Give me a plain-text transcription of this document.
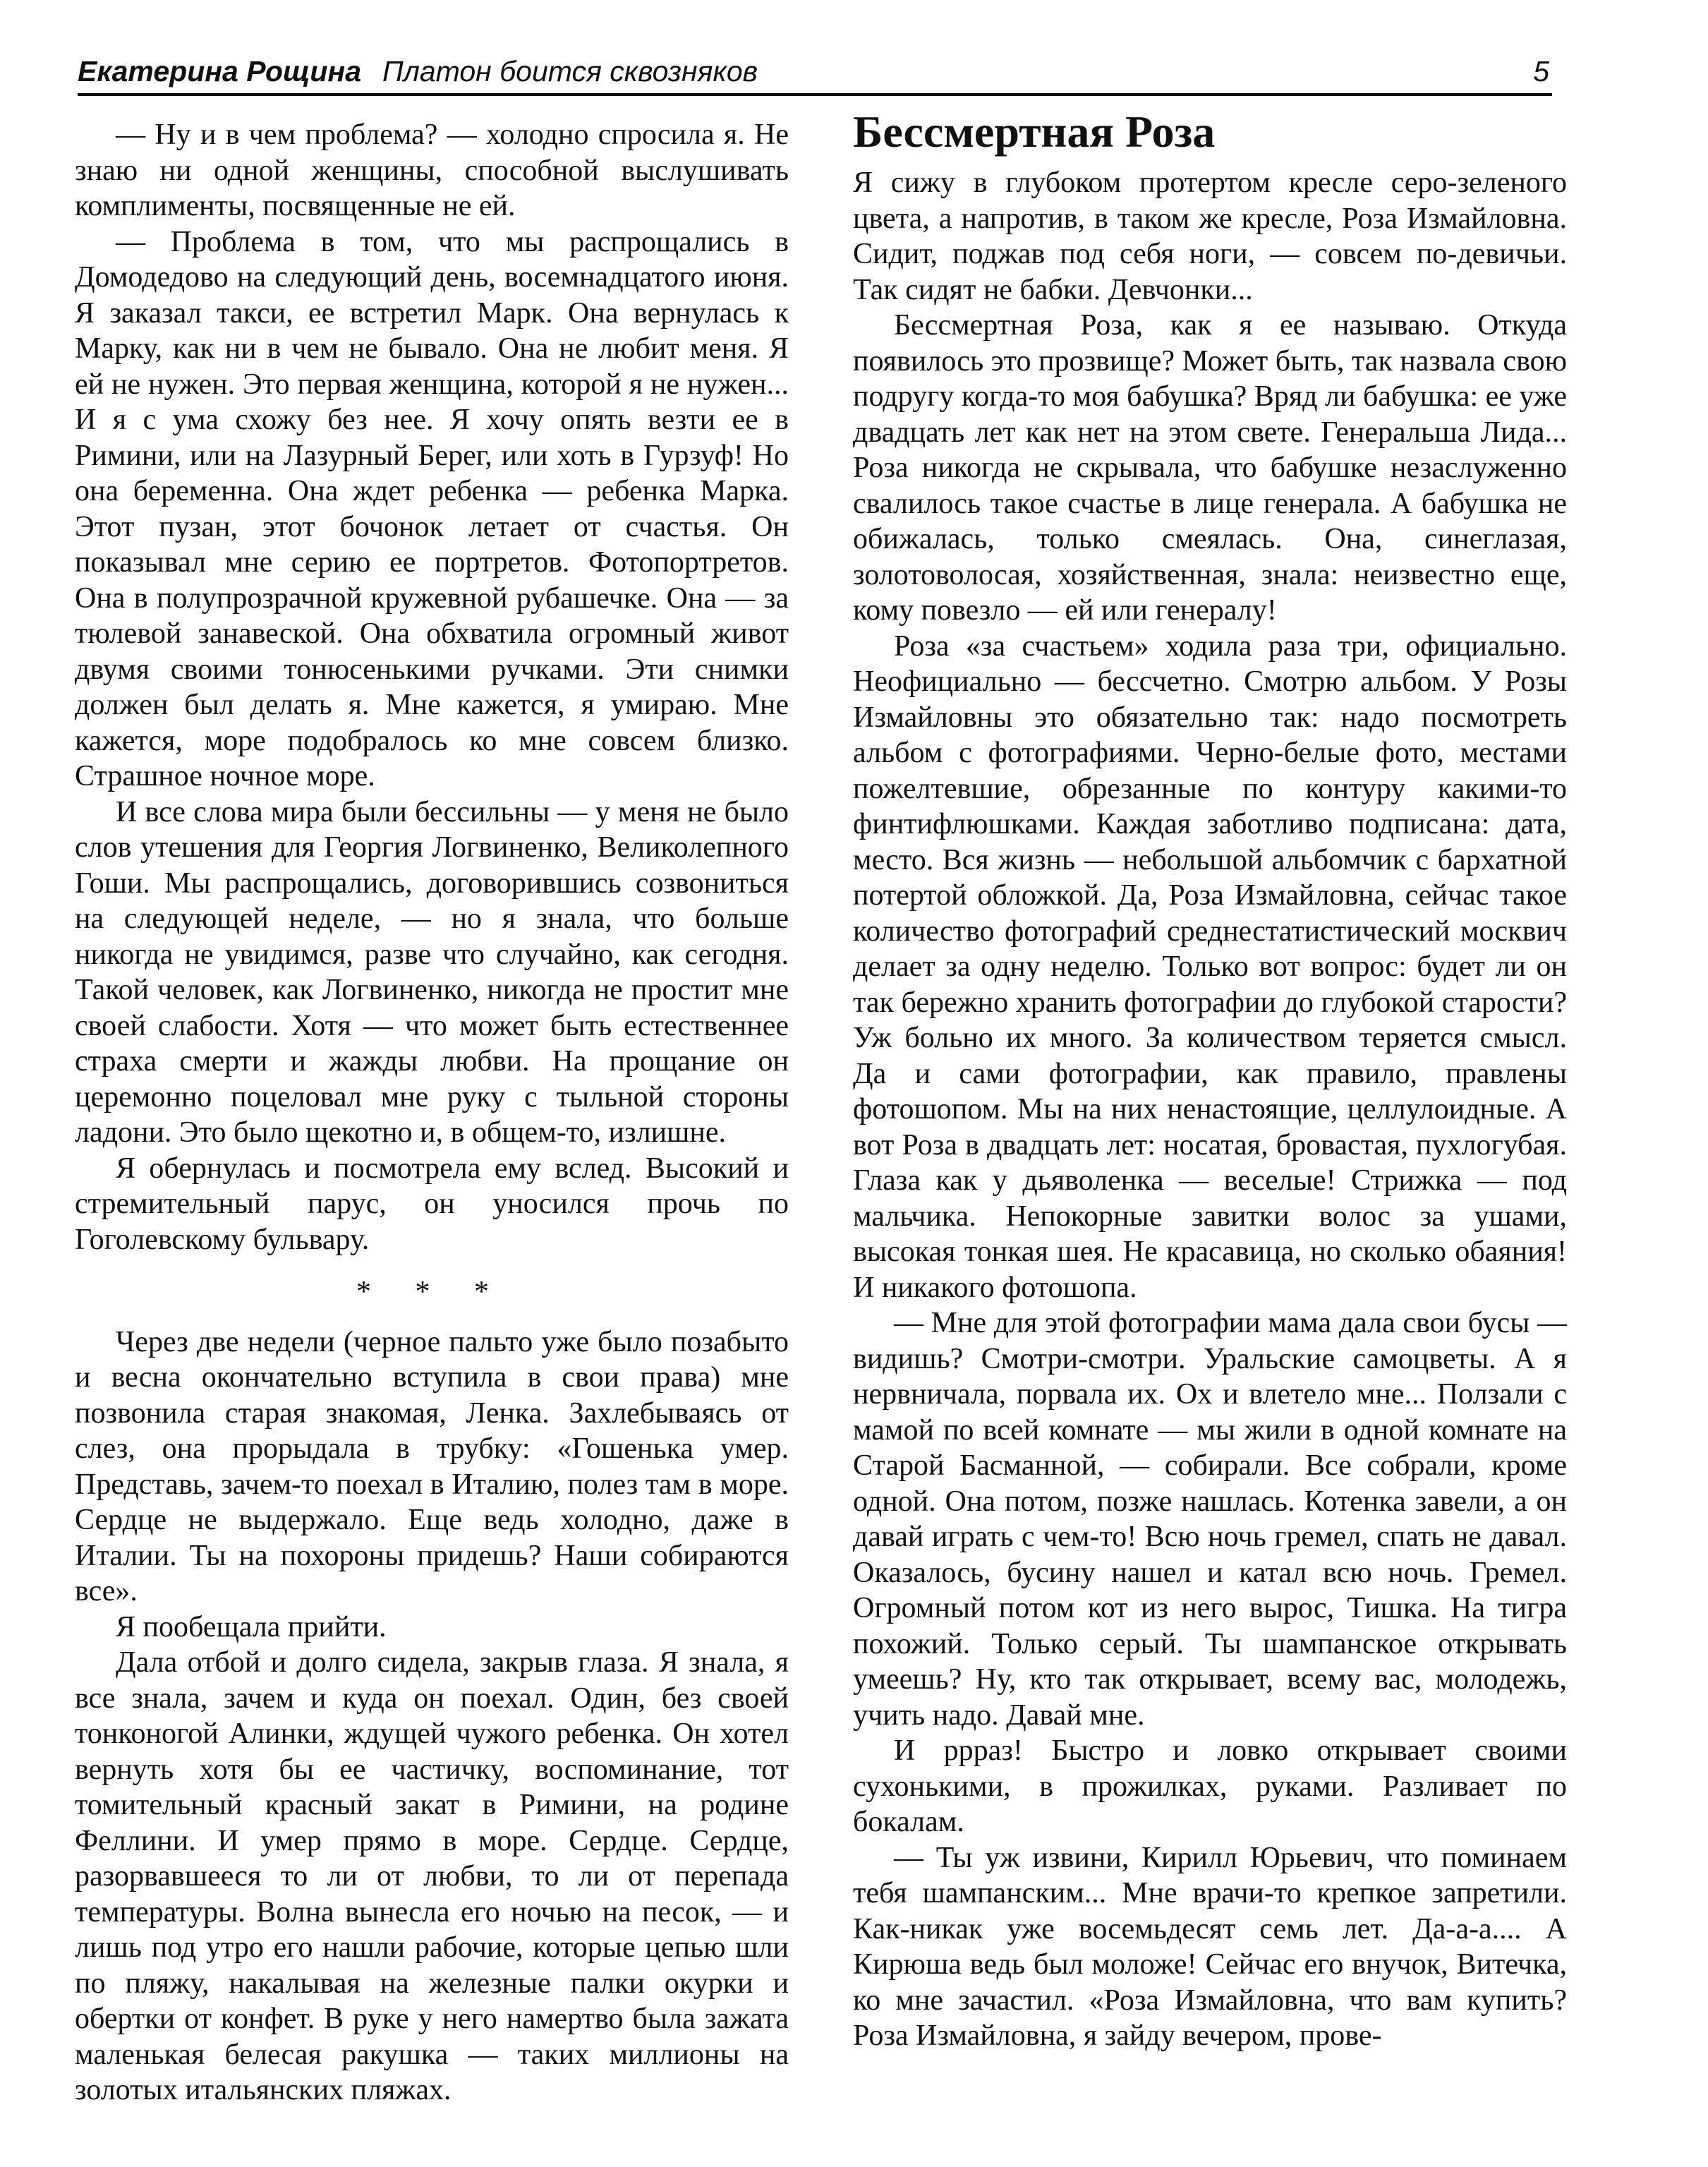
Екатерина Рощина Платон боится сквозняков	5

— Ну и в чем проблема? — холодно спросила я. Не знаю ни одной женщины, способной выслушивать комплименты, посвященные не ей.

— Проблема в том, что мы распрощались в Домодедово на следующий день, восемнадцатого июня. Я заказал такси, ее встретил Марк. Она вернулась к Марку, как ни в чем не бывало. Она не любит меня. Я ей не нужен. Это первая женщина, которой я не нужен... И я с ума схожу без нее. Я хочу опять везти ее в Римини, или на Лазурный Берег, или хоть в Гурзуф! Но она беременна. Она ждет ребенка — ребенка Марка. Этот пузан, этот бочонок летает от счастья. Он показывал мне серию ее портретов. Фотопортретов. Она в полупрозрачной кружевной рубашечке. Она — за тюлевой занавеской. Она обхватила огромный живот двумя своими тонюсенькими ручками. Эти снимки должен был делать я. Мне кажется, я умираю. Мне кажется, море подобралось ко мне совсем близко. Страшное ночное море.

И все слова мира были бессильны — у меня не было слов утешения для Георгия Логвиненко, Великолепного Гоши. Мы распрощались, договорившись созвониться на следующей неделе, — но я знала, что больше никогда не увидимся, разве что случайно, как сегодня. Такой человек, как Логвиненко, никогда не простит мне своей слабости. Хотя — что может быть естественнее страха смерти и жажды любви. На прощание он церемонно поцеловал мне руку с тыльной стороны ладони. Это было щекотно и, в общем-то, излишне.

Я обернулась и посмотрела ему вслед. Высокий и стремительный парус, он уносился прочь по Гоголевскому бульвару.

* * *

Через две недели (черное пальто уже было позабыто и весна окончательно вступила в свои права) мне позвонила старая знакомая, Ленка. Захлебываясь от слез, она прорыдала в трубку: «Гошенька умер. Представь, зачем-то поехал в Италию, полез там в море. Сердце не выдержало. Еще ведь холодно, даже в Италии. Ты на похороны придешь? Наши собираются все».

Я пообещала прийти.

Дала отбой и долго сидела, закрыв глаза. Я знала, я все знала, зачем и куда он поехал. Один, без своей тонконогой Алинки, ждущей чужого ребенка. Он хотел вернуть хотя бы ее частичку, воспоминание, тот томительный красный закат в Римини, на родине Феллини. И умер прямо в море. Сердце. Сердце, разорвавшееся то ли от любви, то ли от перепада температуры. Волна вынесла его ночью на песок, — и лишь под утро его нашли рабочие, которые цепью шли по пляжу, накалывая на железные палки окурки и обертки от конфет. В руке у него намертво была зажата маленькая белесая ракушка — таких миллионы на золотых итальянских пляжах.

Бессмертная Роза

Я сижу в глубоком протертом кресле серо-зеленого цвета, а напротив, в таком же кресле, Роза Измайловна. Сидит, поджав под себя ноги, — совсем по-девичьи. Так сидят не бабки. Девчонки...

Бессмертная Роза, как я ее называю. Откуда появилось это прозвище? Может быть, так назвала свою подругу когда-то моя бабушка? Вряд ли бабушка: ее уже двадцать лет как нет на этом свете. Генеральша Лида... Роза никогда не скрывала, что бабушке незаслуженно свалилось такое счастье в лице генерала. А бабушка не обижалась, только смеялась. Она, синеглазая, золотоволосая, хозяйственная, знала: неизвестно еще, кому повезло — ей или генералу!

Роза «за счастьем» ходила раза три, официально. Неофициально — бессчетно. Смотрю альбом. У Розы Измайловны это обязательно так: надо посмотреть альбом с фотографиями. Черно-белые фото, местами пожелтевшие, обрезанные по контуру какими-то финтифлюшками. Каждая заботливо подписана: дата, место. Вся жизнь — небольшой альбомчик с бархатной потертой обложкой. Да, Роза Измайловна, сейчас такое количество фотографий среднестатистический москвич делает за одну неделю. Только вот вопрос: будет ли он так бережно хранить фотографии до глубокой старости? Уж больно их много. За количеством теряется смысл. Да и сами фотографии, как правило, правлены фотошопом. Мы на них ненастоящие, целлулоидные. А вот Роза в двадцать лет: носатая, бровастая, пухлогубая. Глаза как у дьяволенка — веселые! Стрижка — под мальчика. Непокорные завитки волос за ушами, высокая тонкая шея. Не красавица, но сколько обаяния! И никакого фотошопа.

— Мне для этой фотографии мама дала свои бусы — видишь? Смотри-смотри. Уральские самоцветы. А я нервничала, порвала их. Ох и влетело мне... Ползали с мамой по всей комнате — мы жили в одной комнате на Старой Басманной, — собирали. Все собрали, кроме одной. Она потом, позже нашлась. Котенка завели, а он давай играть с чем-то! Всю ночь гремел, спать не давал. Оказалось, бусину нашел и катал всю ночь. Гремел. Огромный потом кот из него вырос, Тишка. На тигра похожий. Только серый. Ты шампанское открывать умеешь? Ну, кто так открывает, всему вас, молодежь, учить надо. Давай мне.

И рррaз! Быстро и ловко открывает своими сухонькими, в прожилках, руками. Разливает по бокалам.

— Ты уж извини, Кирилл Юрьевич, что поминаем тебя шампанским... Мне врачи-то крепкое запретили. Как-никак уже восемьдесят семь лет. Да-а-а.... А Кирюша ведь был моложе! Сейчас его внучок, Витечка, ко мне зачастил. «Роза Измайловна, что вам купить? Роза Измайловна, я зайду вечером, прове-
